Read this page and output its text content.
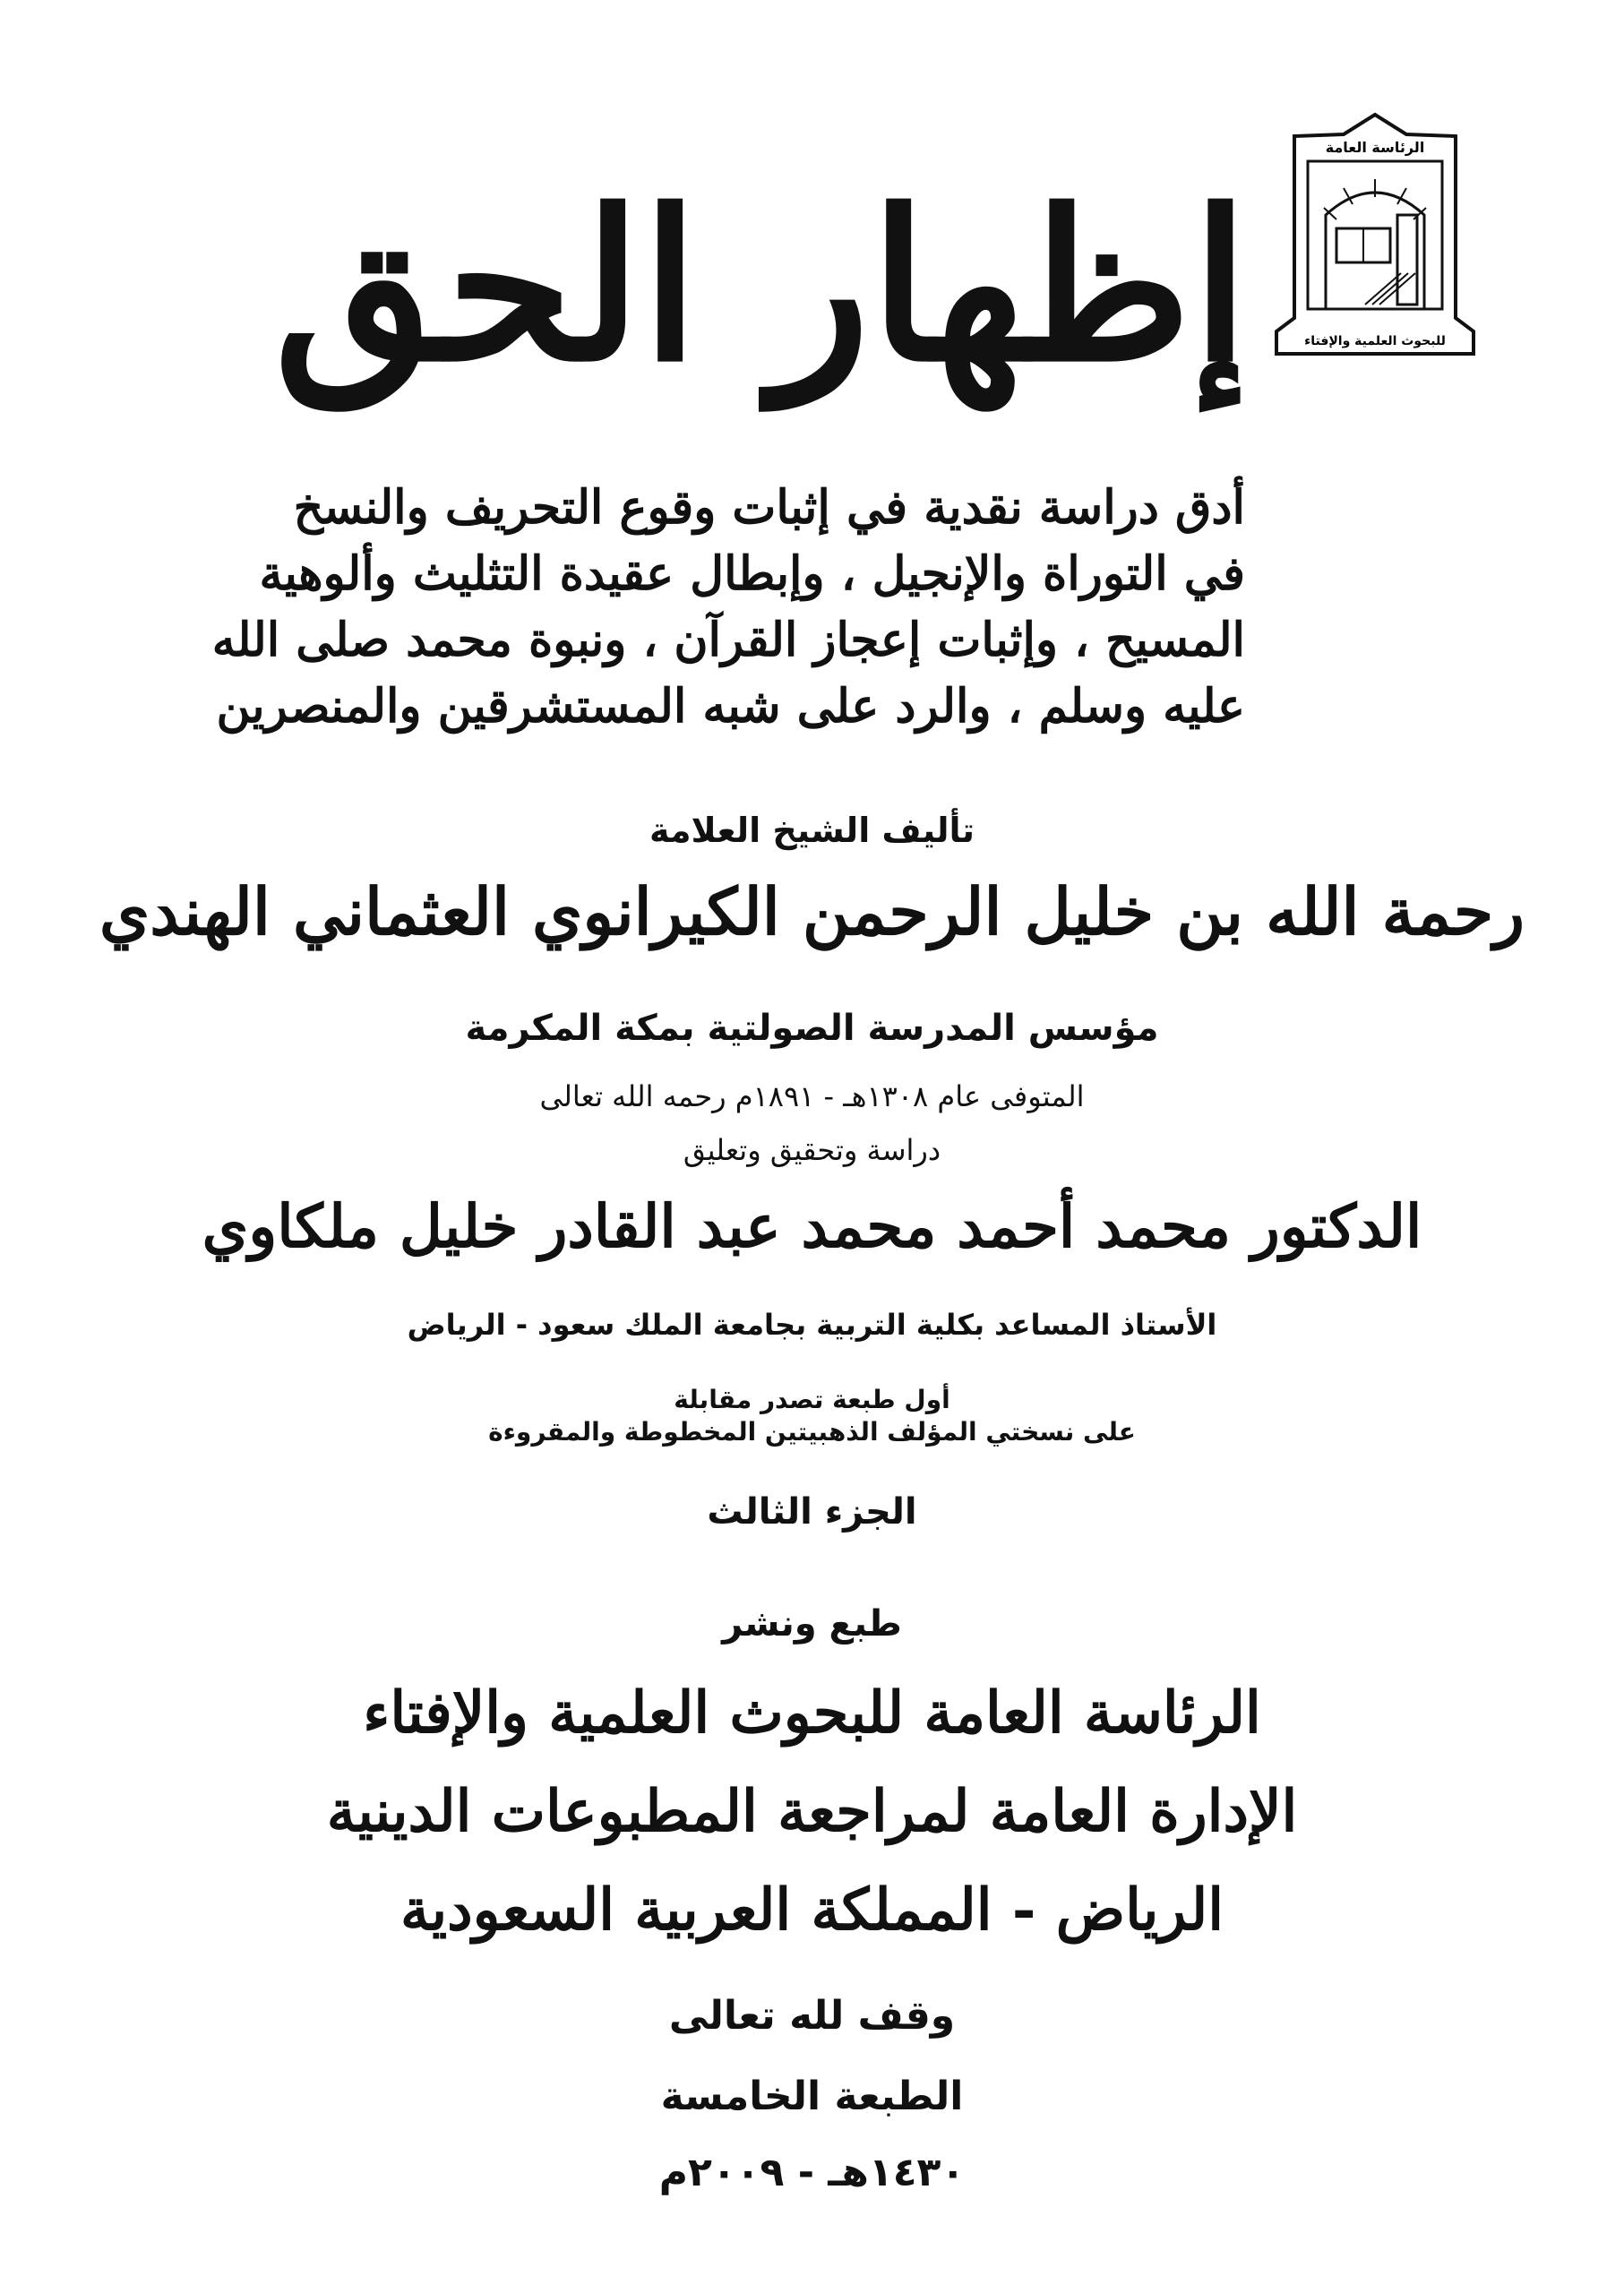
الرئاسة العامة
للبحوث العلمية والإفتاء
إظهار الحق
أدق دراسة نقدية في إثبات وقوع التحريف والنسخ
في التوراة والإنجيل ، وإبطال عقيدة التثليث وألوهية
المسيح ، وإثبات إعجاز القرآن ، ونبوة محمد صلى الله
عليه وسلم ، والرد على شبه المستشرقين والمنصرين
تأليف الشيخ العلامة
رحمة الله بن خليل الرحمن الكيرانوي العثماني الهندي
مؤسس المدرسة الصولتية بمكة المكرمة
المتوفى عام ١٣٠٨هـ - ١٨٩١م رحمه الله تعالى
دراسة وتحقيق وتعليق
الدكتور محمد أحمد محمد عبد القادر خليل ملكاوي
الأستاذ المساعد بكلية التربية بجامعة الملك سعود - الرياض
أول طبعة تصدر مقابلة
على نسختي المؤلف الذهبيتين المخطوطة والمقروءة
الجزء الثالث
طبع ونشر
الرئاسة العامة للبحوث العلمية والإفتاء
الإدارة العامة لمراجعة المطبوعات الدينية
الرياض - المملكة العربية السعودية
وقف لله تعالى
الطبعة الخامسة
١٤٣٠هـ - ٢٠٠٩م
